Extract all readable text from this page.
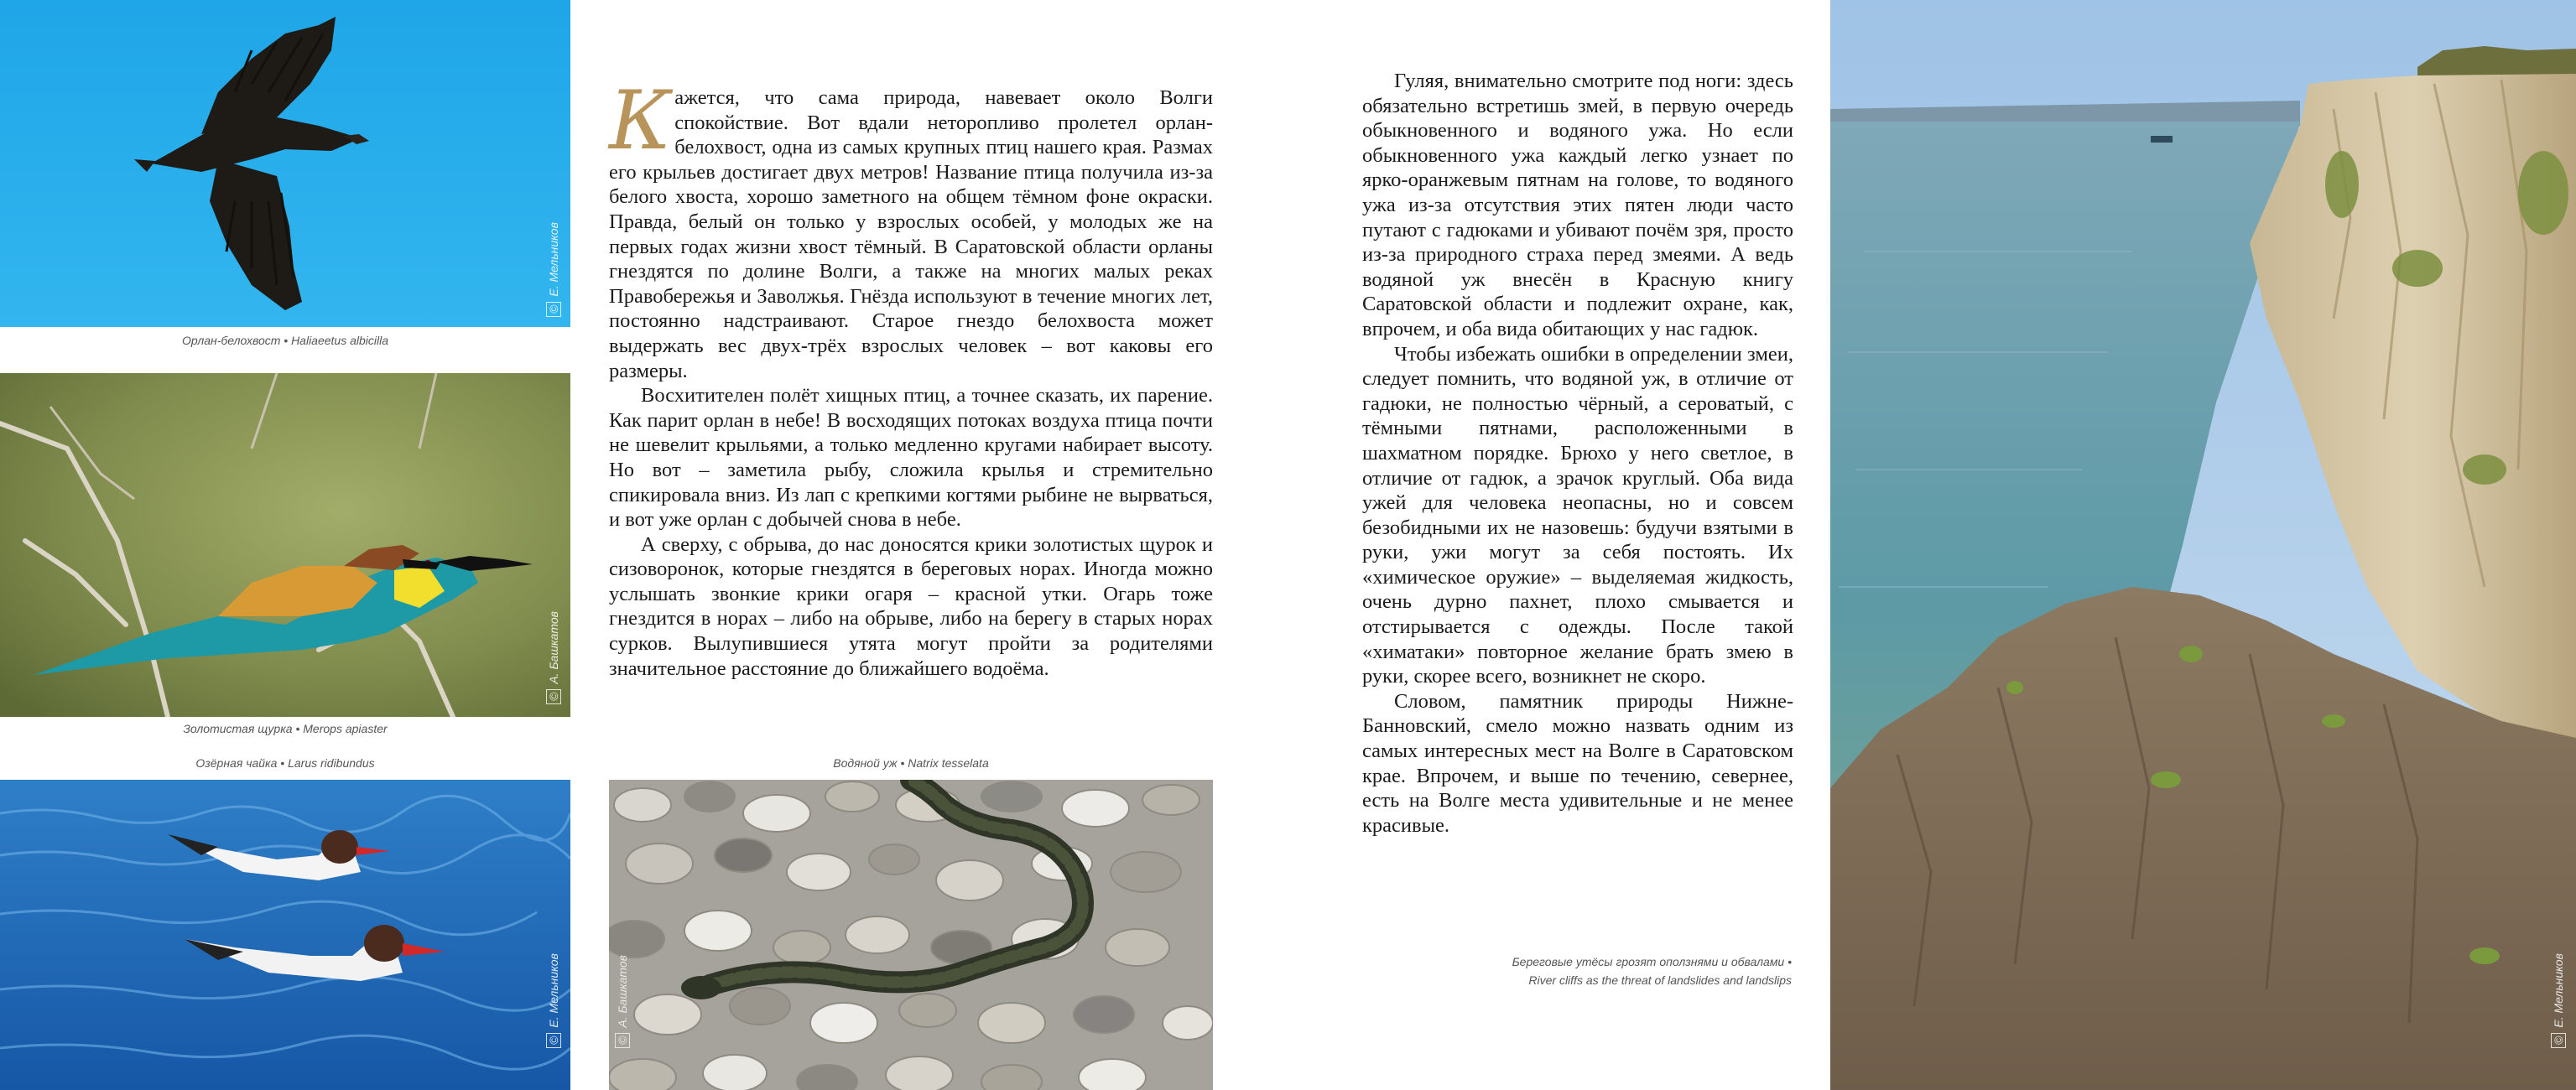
©Е. Мельников
Орлан-белохвост • Haliaeetus albicilla
©А. Башкатов
Золотистая щурка • Merops apiaster
Озёрная чайка • Larus ridibundus
©Е. Мельников

Кажется, что сама природа, навевает около Волги спокойствие. Вот вдали неторопливо пролетел орлан-белохвост, одна из самых крупных птиц нашего края. Размах его крыльев достигает двух метров! Название птица получила из-за белого хвоста, хорошо заметного на общем тёмном фоне окраски. Правда, белый он только у взрослых особей, у молодых же на первых годах жизни хвост тёмный. В Саратовской области орланы гнездятся по долине Волги, а также на многих малых реках Правобережья и Заволжья. Гнёзда используют в течение многих лет, постоянно надстраивают. Старое гнездо белохвоста может выдержать вес двух-трёх взрослых человек – вот каковы его размеры.

Восхитителен полёт хищных птиц, а точнее сказать, их парение. Как парит орлан в небе! В восходящих потоках воздуха птица почти не шевелит крыльями, а только медленно кругами набирает высоту. Но вот – заметила рыбу, сложила крылья и стремительно спикировала вниз. Из лап с крепкими когтями рыбине не вырваться, и вот уже орлан с добычей снова в небе.

А сверху, с обрыва, до нас доносятся крики золотистых щурок и сизоворонок, которые гнездятся в береговых норах. Иногда можно услышать звонкие крики огаря – красной утки. Огарь тоже гнездится в норах – либо на обрыве, либо на берегу в старых норах сурков. Вылупившиеся утята могут пройти за родителями значительное расстояние до ближайшего водоёма.

Водяной уж • Natrix tesselata
©А. Башкатов

Гуляя, внимательно смотрите под ноги: здесь обязательно встретишь змей, в первую очередь обыкновенного и водяного ужа. Но если обыкновенного ужа каждый легко узнает по ярко-оранжевым пятнам на голове, то водяного ужа из-за отсутствия этих пятен люди часто путают с гадюками и убивают почём зря, просто из-за природного страха перед змеями. А ведь водяной уж внесён в Красную книгу Саратовской области и подлежит охране, как, впрочем, и оба вида обитающих у нас гадюк.

Чтобы избежать ошибки в определении змеи, следует помнить, что водяной уж, в отличие от гадюки, не полностью чёрный, а сероватый, с тёмными пятнами, расположенными в шахматном порядке. Брюхо у него светлое, в отличие от гадюк, а зрачок круглый. Оба вида ужей для человека неопасны, но и совсем безобидными их не назовешь: будучи взятыми в руки, ужи могут за себя постоять. Их «химическое оружие» – выделяемая жидкость, очень дурно пахнет, плохо смывается и отстирывается с одежды. После такой «химатаки» повторное желание брать змею в руки, скорее всего, возникнет не скоро.

Словом, памятник природы Нижне-Банновский, смело можно назвать одним из самых интересных мест на Волге в Саратовском крае. Впрочем, и выше по течению, севернее, есть на Волге места удивительные и не менее красивые.

Береговые утёсы грозят оползнями и обвалами •
River cliffs as the threat of landslides and landslips
©Е. Мельников
